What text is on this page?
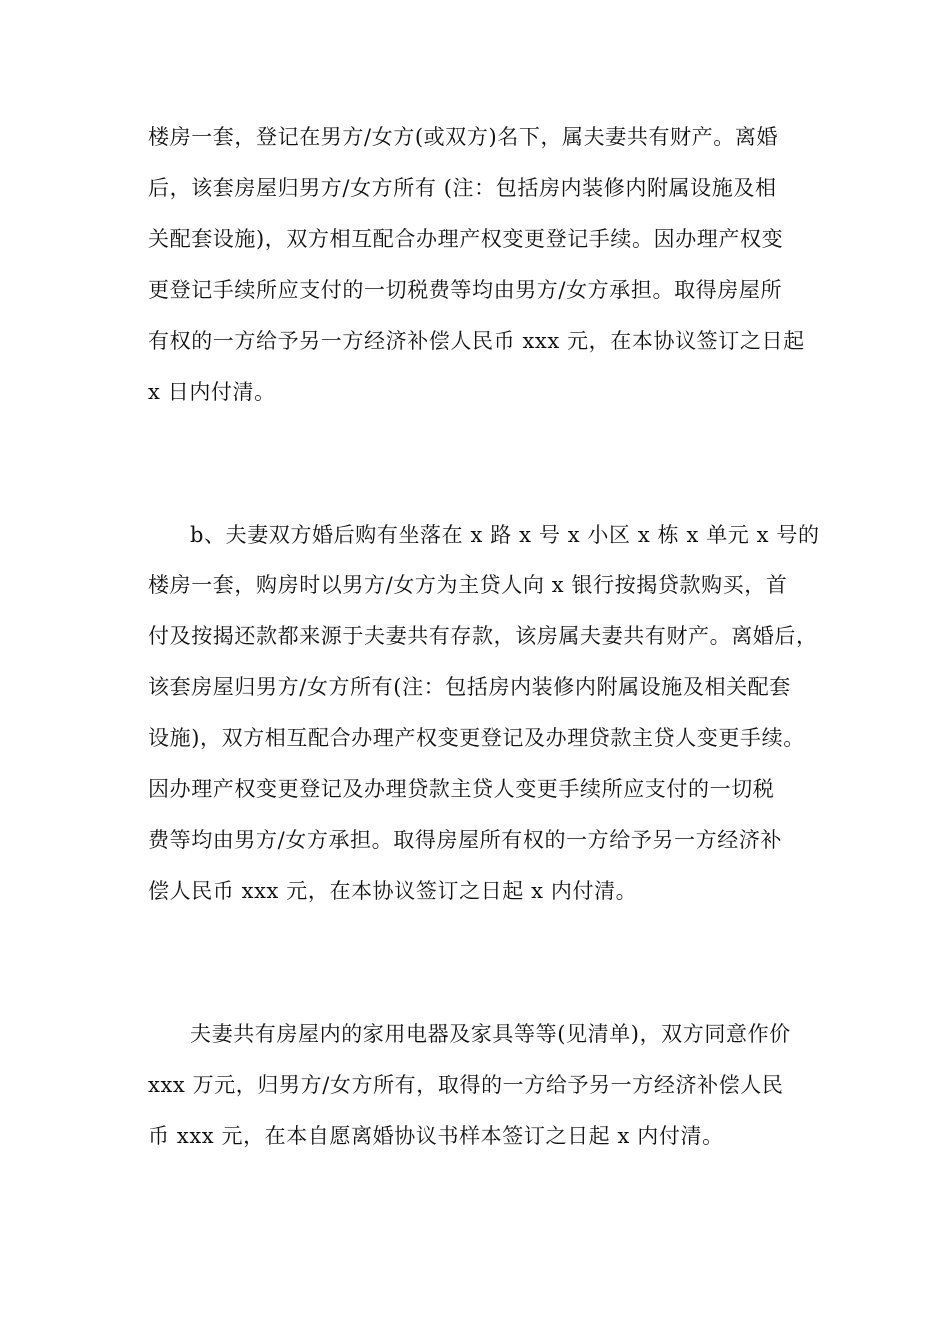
楼房一套，登记在男方/女方(或双方)名下，属夫妻共有财产。离婚
后，该套房屋归男方/女方所有 (注：包括房内装修内附属设施及相
关配套设施)，双方相互配合办理产权变更登记手续。因办理产权变
更登记手续所应支付的一切税费等均由男方/女方承担。取得房屋所
有权的一方给予另一方经济补偿人民币 xxx 元，在本协议签订之日起
x 日内付清。
b、夫妻双方婚后购有坐落在 x 路 x 号 x 小区 x 栋 x 单元 x 号的
楼房一套，购房时以男方/女方为主贷人向 x 银行按揭贷款购买，首
付及按揭还款都来源于夫妻共有存款，该房属夫妻共有财产。离婚后，
该套房屋归男方/女方所有(注：包括房内装修内附属设施及相关配套
设施)，双方相互配合办理产权变更登记及办理贷款主贷人变更手续。
因办理产权变更登记及办理贷款主贷人变更手续所应支付的一切税
费等均由男方/女方承担。取得房屋所有权的一方给予另一方经济补
偿人民币 xxx 元，在本协议签订之日起 x 内付清。
夫妻共有房屋内的家用电器及家具等等(见清单)，双方同意作价
xxx 万元，归男方/女方所有，取得的一方给予另一方经济补偿人民
币 xxx 元，在本自愿离婚协议书样本签订之日起 x 内付清。
